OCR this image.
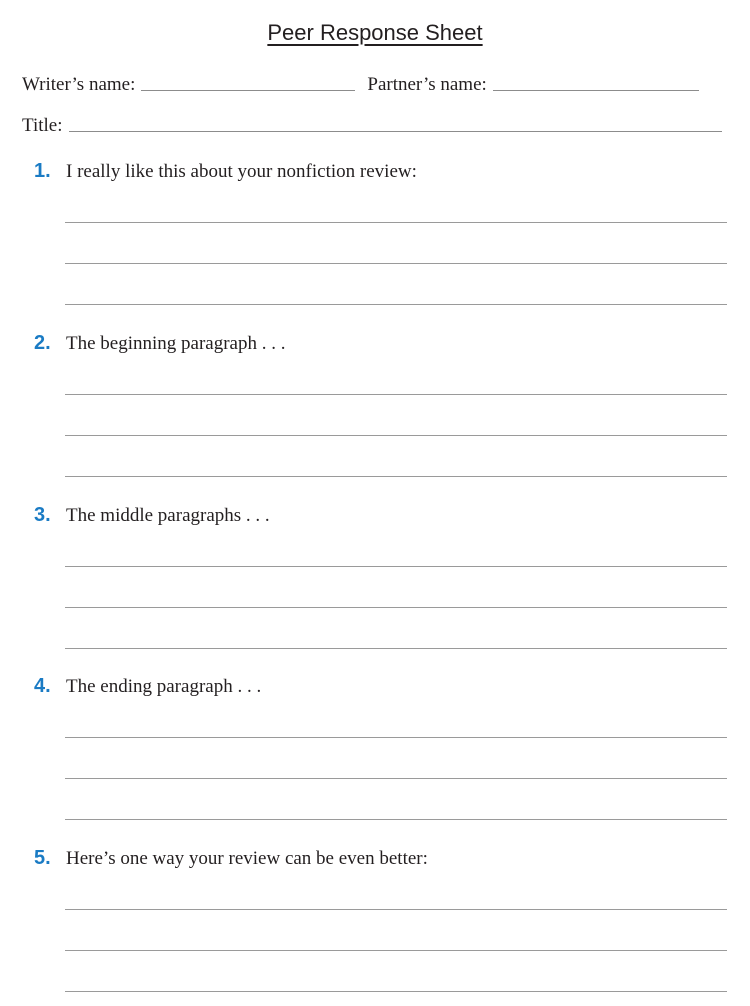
Peer Response Sheet
Writer’s name:	Partner’s name:
Title:
1. I really like this about your nonfiction review:
2. The beginning paragraph . . .
3. The middle paragraphs . . .
4. The ending paragraph . . .
5. Here’s one way your review can be even better:
